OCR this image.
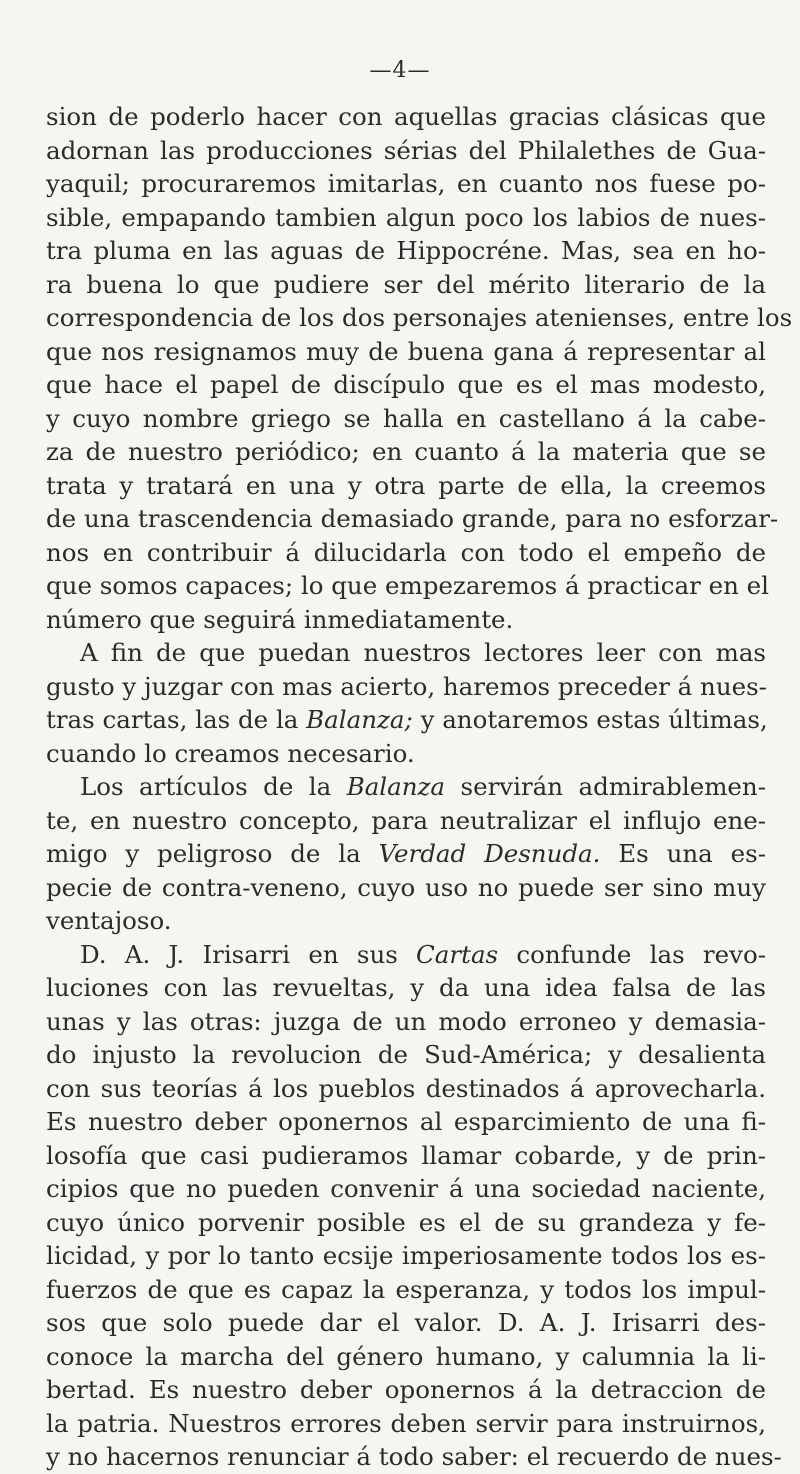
—4—
sion de poderlo hacer con aquellas gracias clásicas que
adornan las producciones sérias del Philalethes de Gua-
yaquil; procuraremos imitarlas, en cuanto nos fuese po-
sible, empapando tambien algun poco los labios de nues-
tra pluma en las aguas de Hippocréne. Mas, sea en ho-
ra buena lo que pudiere ser del mérito literario de la
correspondencia de los dos personajes atenienses, entre los
que nos resignamos muy de buena gana á representar al
que hace el papel de discípulo que es el mas modesto,
y cuyo nombre griego se halla en castellano á la cabe-
za de nuestro periódico; en cuanto á la materia que se
trata y tratará en una y otra parte de ella, la creemos
de una trascendencia demasiado grande, para no esforzar-
nos en contribuir á dilucidarla con todo el empeño de
que somos capaces; lo que empezaremos á practicar en el
número que seguirá inmediatamente.
A fin de que puedan nuestros lectores leer con mas
gusto y juzgar con mas acierto, haremos preceder á nues-
tras cartas, las de la Balanza; y anotaremos estas últimas,
cuando lo creamos necesario.
Los artículos de la Balanza servirán admirablemen-
te, en nuestro concepto, para neutralizar el influjo ene-
migo y peligroso de la Verdad Desnuda. Es una es-
pecie de contra-veneno, cuyo uso no puede ser sino muy
ventajoso.
D. A. J. Irisarri en sus Cartas confunde las revo-
luciones con las revueltas, y da una idea falsa de las
unas y las otras: juzga de un modo erroneo y demasia-
do injusto la revolucion de Sud-América; y desalienta
con sus teorías á los pueblos destinados á aprovecharla.
Es nuestro deber oponernos al esparcimiento de una fi-
losofía que casi pudieramos llamar cobarde, y de prin-
cipios que no pueden convenir á una sociedad naciente,
cuyo único porvenir posible es el de su grandeza y fe-
licidad, y por lo tanto ecsije imperiosamente todos los es-
fuerzos de que es capaz la esperanza, y todos los impul-
sos que solo puede dar el valor. D. A. J. Irisarri des-
conoce la marcha del género humano, y calumnia la li-
bertad. Es nuestro deber oponernos á la detraccion de
la patria. Nuestros errores deben servir para instruirnos,
y no hacernos renunciar á todo saber: el recuerdo de nues-
